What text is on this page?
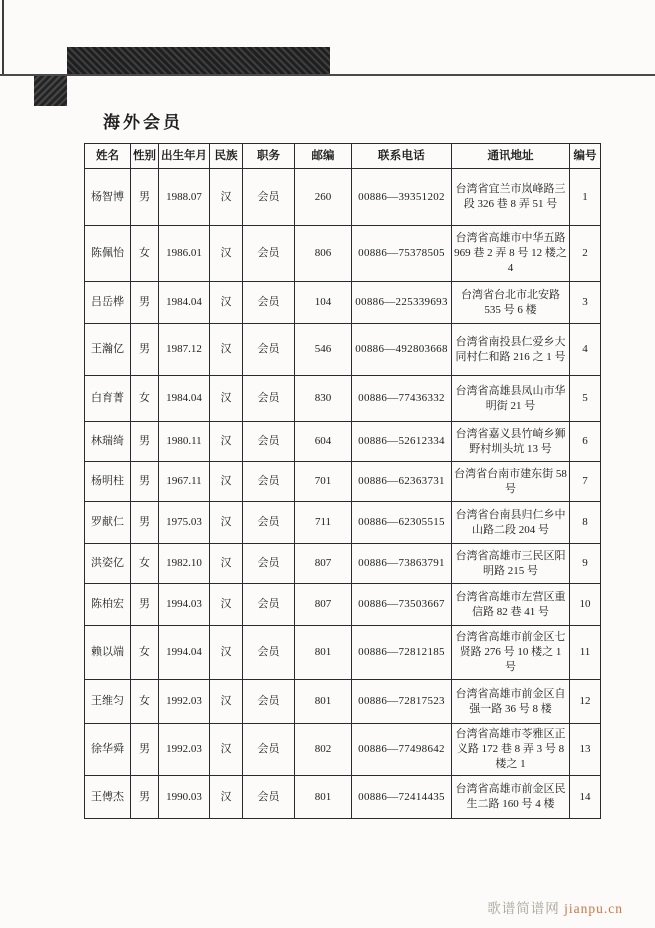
海外会员
姓名	性别	出生年月	民族	职务	邮编	联系电话	通讯地址	编号
杨智博	男	1988.07	汉	会员	260	00886—39351202	台湾省宜兰市岚峰路三段 326 巷 8 弄 51 号	1
陈佩怡	女	1986.01	汉	会员	806	00886—75378505	台湾省高雄市中华五路 969 巷 2 弄 8 号 12 楼之 4	2
吕岳桦	男	1984.04	汉	会员	104	00886—225339693	台湾省台北市北安路 535 号 6 楼	3
王瀚亿	男	1987.12	汉	会员	546	00886—492803668	台湾省南投县仁爱乡大同村仁和路 216 之 1 号	4
白育菁	女	1984.04	汉	会员	830	00886—77436332	台湾省高雄县凤山市华明街 21 号	5
林瑞绮	男	1980.11	汉	会员	604	00886—52612334	台湾省嘉义县竹崎乡狮野村圳头坑 13 号	6
杨明柱	男	1967.11	汉	会员	701	00886—62363731	台湾省台南市建东街 58 号	7
罗献仁	男	1975.03	汉	会员	711	00886—62305515	台湾省台南县归仁乡中山路二段 204 号	8
洪姿亿	女	1982.10	汉	会员	807	00886—73863791	台湾省高雄市三民区阳明路 215 号	9
陈柏宏	男	1994.03	汉	会员	807	00886—73503667	台湾省高雄市左营区重信路 82 巷 41 号	10
赖以端	女	1994.04	汉	会员	801	00886—72812185	台湾省高雄市前金区七贤路 276 号 10 楼之 1 号	11
王维匀	女	1992.03	汉	会员	801	00886—72817523	台湾省高雄市前金区自强一路 36 号 8 楼	12
徐华舜	男	1992.03	汉	会员	802	00886—77498642	台湾省高雄市苓雅区正义路 172 巷 8 弄 3 号 8 楼之 1	13
王傅杰	男	1990.03	汉	会员	801	00886—72414435	台湾省高雄市前金区民生二路 160 号 4 楼	14
歌谱简谱网 jianpu.cn
